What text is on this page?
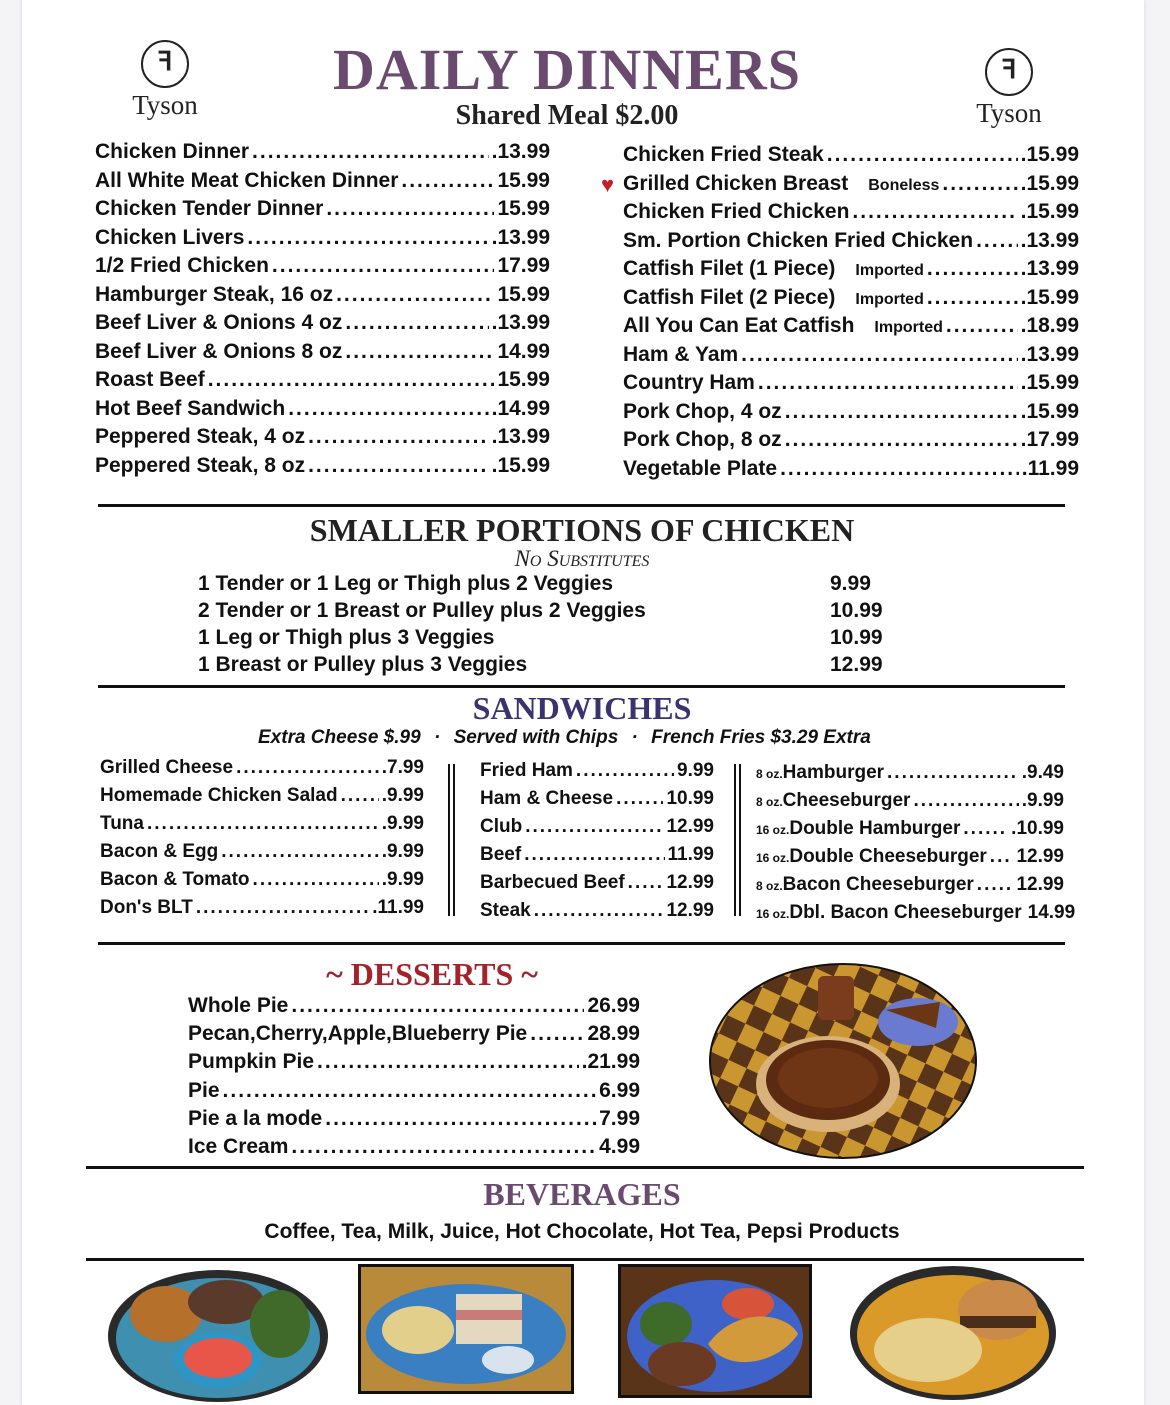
ꟻ
Tyson
ꟻ
Tyson
DAILY DINNERS
Shared Meal $2.00
Chicken Dinner .....	.13.99
All White Meat Chicken Dinner .....	15.99
Chicken Tender Dinner .....	15.99
Chicken Livers .....	.13.99
1/2 Fried Chicken .....	17.99
Hamburger Steak, 16 oz .....	15.99
Beef Liver & Onions 4 oz .....	.13.99
Beef Liver & Onions 8 oz .....	14.99
Roast Beef .....	15.99
Hot Beef Sandwich .....	.14.99
Peppered Steak, 4 oz .....	.13.99
Peppered Steak, 8 oz .....	.15.99
Chicken Fried Steak .....	.15.99
♥ Grilled Chicken Breast Boneless .....	.15.99
Chicken Fried Chicken .....	.15.99
Sm. Portion Chicken Fried Chicken ..... .13.99
Catfish Filet (1 Piece) Imported .....	.13.99
Catfish Filet (2 Piece) Imported .....	.15.99
All You Can Eat Catfish Imported .....	.18.99
Ham & Yam .....	.13.99
Country Ham .....	.15.99
Pork Chop, 4 oz .....	.15.99
Pork Chop, 8 oz .....	.17.99
Vegetable Plate .....	.11.99
SMALLER PORTIONS OF CHICKEN
No Substitutes
1 Tender or 1 Leg or Thigh plus 2 Veggies	9.99
2 Tender or 1 Breast or Pulley plus 2 Veggies	10.99
1 Leg or Thigh plus 3 Veggies	10.99
1 Breast or Pulley plus 3 Veggies	12.99
SANDWICHES
Extra Cheese $.99 · Served with Chips · French Fries $3.29 Extra
Grilled Cheese .....	.7.99
Homemade Chicken Salad ..... .9.99
Tuna .....	.9.99
Bacon & Egg .....	.9.99
Bacon & Tomato .....	.9.99
Don's BLT .....	.11.99
Fried Ham .....	9.99
Ham & Cheese .....	10.99
Club .....	12.99
Beef .....	11.99
Barbecued Beef ..... 12.99
Steak .....	12.99
8 oz. Hamburger .....	.9.49
8 oz. Cheeseburger .....	.9.99
16 oz. Double Hamburger .....	.10.99
16 oz. Double Cheeseburger ..... 12.99
8 oz. Bacon Cheeseburger ..... 12.99
16 oz. Dbl. Bacon Cheeseburger 14.99
~ DESSERTS ~
Whole Pie .....	26.99
Pecan,Cherry,Apple,Blueberry Pie .....	28.99
Pumpkin Pie .....	.21.99
Pie .....	6.99
Pie a la mode .....	7.99
Ice Cream .....	4.99
BEVERAGES
Coffee, Tea, Milk, Juice, Hot Chocolate, Hot Tea, Pepsi Products
